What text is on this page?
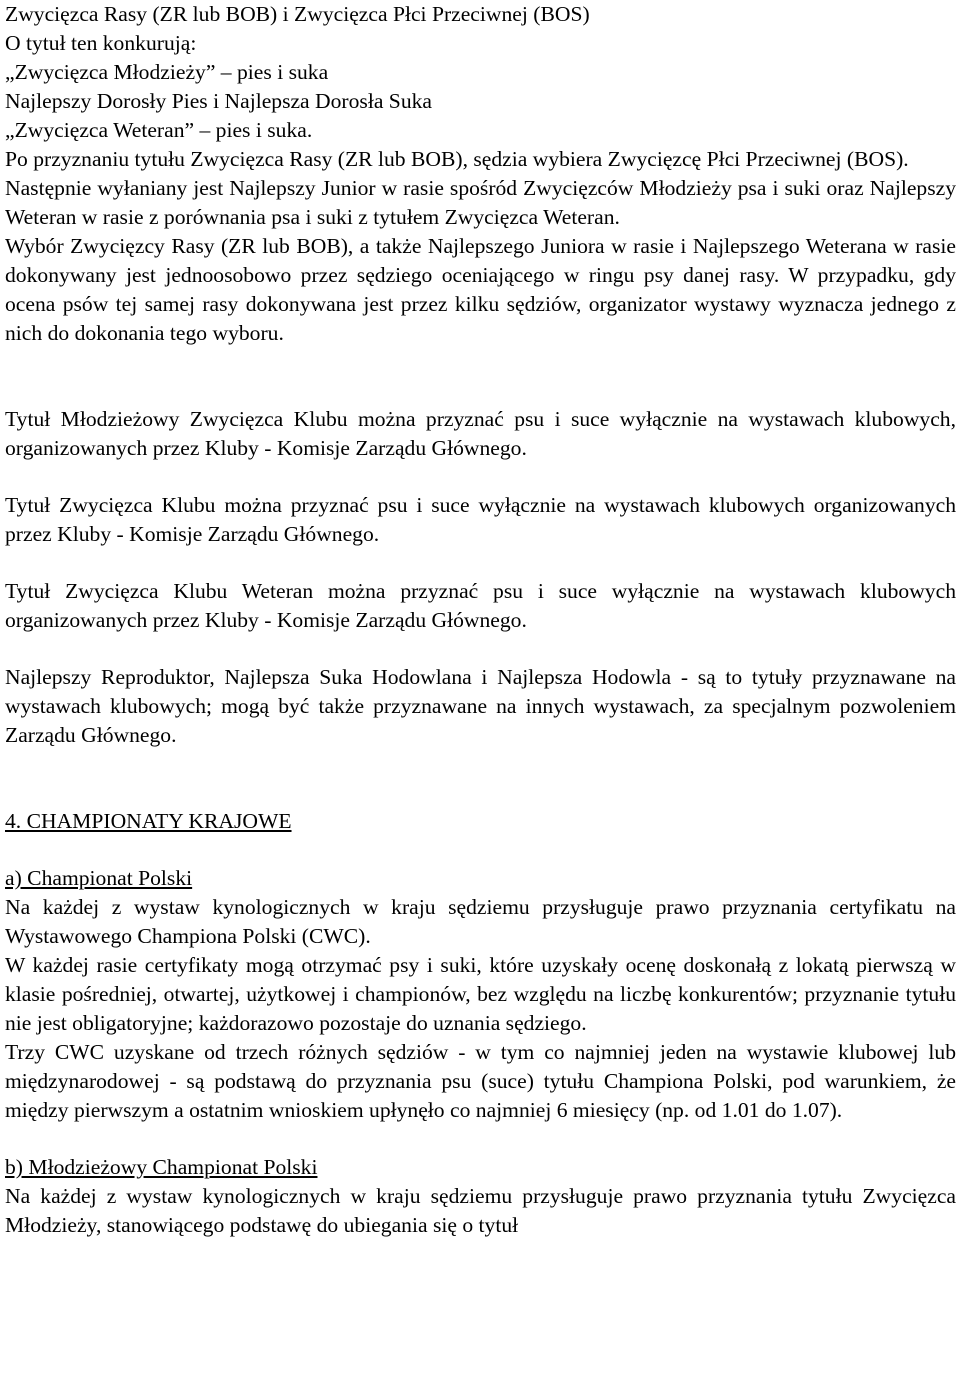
Zwycięzca Rasy (ZR lub BOB) i Zwycięzca Płci Przeciwnej (BOS)
O tytuł ten konkurują:
„Zwycięzca Młodzieży” – pies i suka
Najlepszy Dorosły Pies i Najlepsza Dorosła Suka
„Zwycięzca Weteran” – pies i suka.

Po przyznaniu tytułu Zwycięzca Rasy (ZR lub BOB), sędzia wybiera Zwycięzcę Płci Przeciwnej (BOS).

Następnie wyłaniany jest Najlepszy Junior w rasie spośród Zwycięzców Młodzieży psa i suki oraz Najlepszy Weteran w rasie z porównania psa i suki z tytułem Zwycięzca Weteran.

Wybór Zwycięzcy Rasy (ZR lub BOB), a także Najlepszego Juniora w rasie i Najlepszego Weterana w rasie dokonywany jest jednoosobowo przez sędziego oceniającego w ringu psy danej rasy. W przypadku, gdy ocena psów tej samej rasy dokonywana jest przez kilku sędziów, organizator wystawy wyznacza jednego z nich do dokonania tego wyboru.

Tytuł Młodzieżowy Zwycięzca Klubu można przyznać psu i suce wyłącznie na wystawach klubowych, organizowanych przez Kluby - Komisje Zarządu Głównego.

Tytuł Zwycięzca Klubu można przyznać psu i suce wyłącznie na wystawach klubowych organizowanych przez Kluby - Komisje Zarządu Głównego.

Tytuł Zwycięzca Klubu Weteran można przyznać psu i suce wyłącznie na wystawach klubowych organizowanych przez Kluby - Komisje Zarządu Głównego.

Najlepszy Reproduktor, Najlepsza Suka Hodowlana i Najlepsza Hodowla - są to tytuły przyznawane na wystawach klubowych; mogą być także przyznawane na innych wystawach, za specjalnym pozwoleniem Zarządu Głównego.

4. CHAMPIONATY KRAJOWE
a) Championat Polski

Na każdej z wystaw kynologicznych w kraju sędziemu przysługuje prawo przyznania certyfikatu na Wystawowego Championa Polski (CWC).

W każdej rasie certyfikaty mogą otrzymać psy i suki, które uzyskały ocenę doskonałą z lokatą pierwszą w klasie pośredniej, otwartej, użytkowej i championów, bez względu na liczbę konkurentów; przyznanie tytułu nie jest obligatoryjne; każdorazowo pozostaje do uznania sędziego.

Trzy CWC uzyskane od trzech różnych sędziów - w tym co najmniej jeden na wystawie klubowej lub międzynarodowej - są podstawą do przyznania psu (suce) tytułu Championa Polski, pod warunkiem, że między pierwszym a ostatnim wnioskiem upłynęło co najmniej 6 miesięcy (np. od 1.01 do 1.07).

b) Młodzieżowy Championat Polski

Na każdej z wystaw kynologicznych w kraju sędziemu przysługuje prawo przyznania tytułu Zwycięzca Młodzieży, stanowiącego podstawę do ubiegania się o tytuł
